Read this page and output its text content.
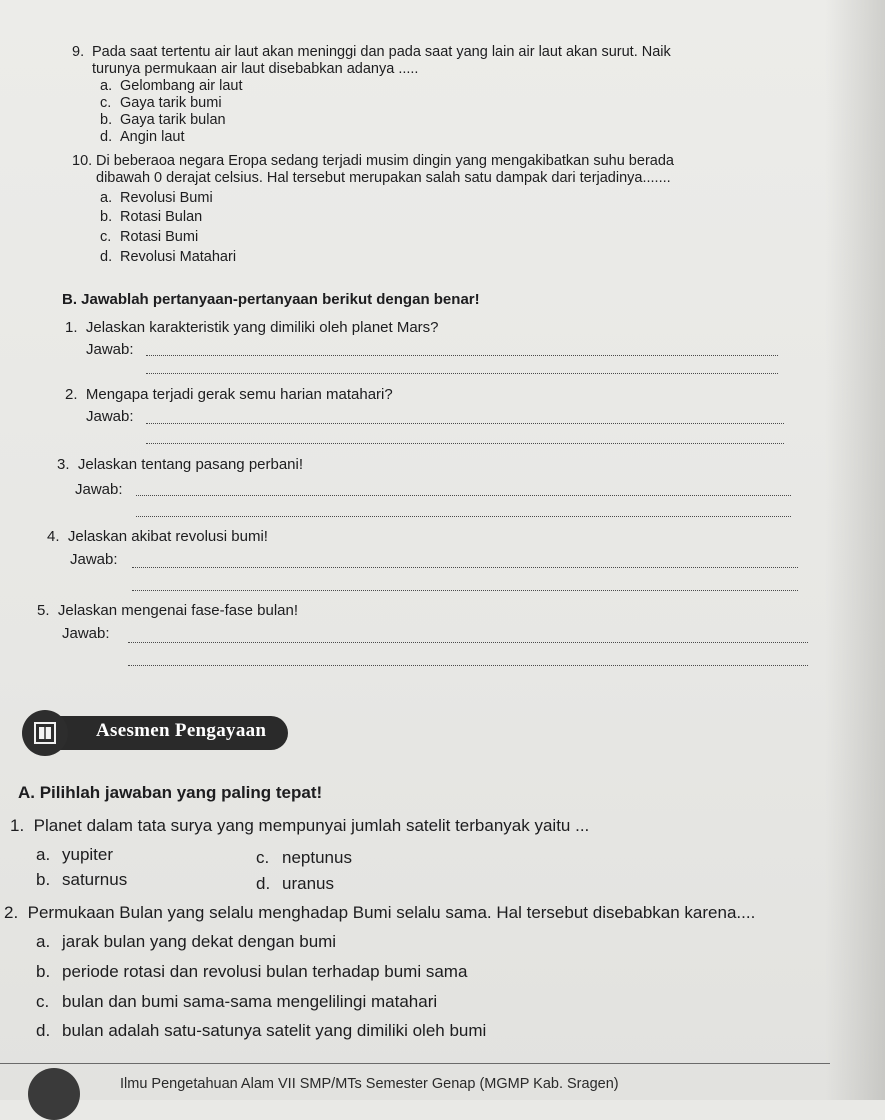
9. Pada saat tertentu air laut akan meninggi dan pada saat yang lain air laut akan surut. Naik
turunya permukaan air laut disebabkan adanya .....
a. Gelombang air laut
c. Gaya tarik bumi
b. Gaya tarik bulan
d. Angin laut
10. Di beberaoa negara Eropa sedang terjadi musim dingin yang mengakibatkan suhu berada
dibawah 0 derajat celsius. Hal tersebut merupakan salah satu dampak dari terjadinya.......
a. Revolusi Bumi
b. Rotasi Bulan
c. Rotasi Bumi
d. Revolusi Matahari
B. Jawablah pertanyaan-pertanyaan berikut dengan benar!
1. Jelaskan karakteristik yang dimiliki oleh planet Mars?
Jawab:
2. Mengapa terjadi gerak semu harian matahari?
Jawab:
3. Jelaskan tentang pasang perbani!
Jawab:
4. Jelaskan akibat revolusi bumi!
Jawab:
5. Jelaskan mengenai fase-fase bulan!
Jawab:
Asesmen Pengayaan
A. Pilihlah jawaban yang paling tepat!
1. Planet dalam tata surya yang mempunyai jumlah satelit terbanyak yaitu ...
a. yupiter	c. neptunus
b. saturnus	d. uranus
2. Permukaan Bulan yang selalu menghadap Bumi selalu sama. Hal tersebut disebabkan karena....
a. jarak bulan yang dekat dengan bumi
b. periode rotasi dan revolusi bulan terhadap bumi sama
c. bulan dan bumi sama-sama mengelilingi matahari
d. bulan adalah satu-satunya satelit yang dimiliki oleh bumi
Ilmu Pengetahuan Alam VII SMP/MTs Semester Genap (MGMP Kab. Sragen)
